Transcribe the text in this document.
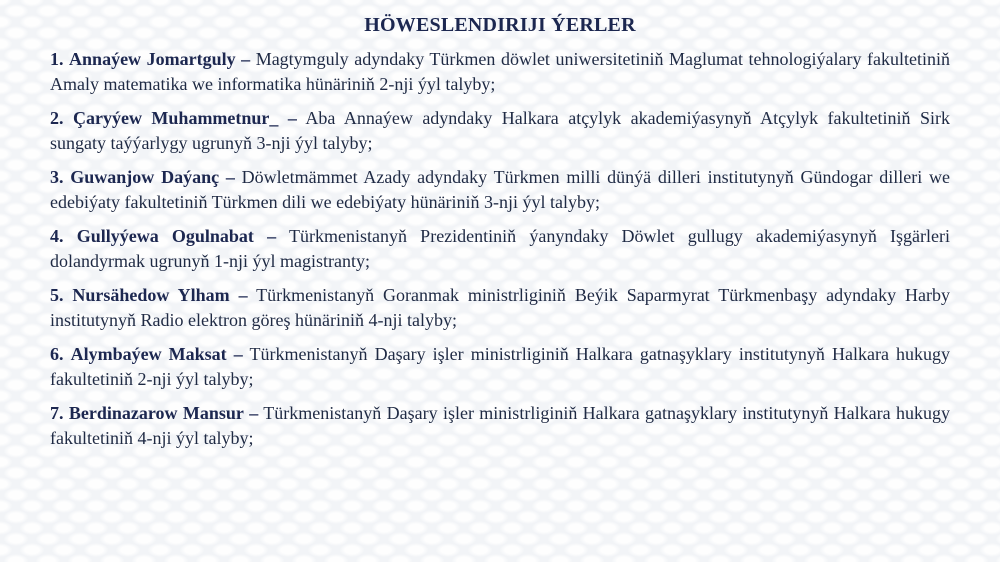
HÖWESLENDIRIJI ÝERLER
1. Annaýew Jomartguly – Magtymguly adyndaky Türkmen döwlet uniwersitetiniň Maglumat tehnologiýalary fakultetiniň Amaly matematika we informatika hünäriniň 2-nji ýyl talyby;
2. Çaryýew Muhammetnur_ – Aba Annaýew adyndaky Halkara atçylyk akademiýasynyň Atçylyk fakultetiniň Sirk sungaty taýýarlygy ugrunyň 3-nji ýyl talyby;
3. Guwanjow Daýanç – Döwletmämmet Azady adyndaky Türkmen milli dünýä dilleri institutynyň Gündogar dilleri we edebiýaty fakultetiniň Türkmen dili we edebiýaty hünäriniň 3-nji ýyl talyby;
4. Gullyýewa Ogulnabat – Türkmenistanyň Prezidentiniň ýanyndaky Döwlet gullugy akademiýasynyň Işgärleri dolandyrmak ugrunyň 1-nji ýyl magistranty;
5. Nursähedow Ylham – Türkmenistanyň Goranmak ministrliginiň Beýik Saparmyrat Türkmenbaşy adyndaky Harby institutynyň Radio elektron göreş hünäriniň 4-nji talyby;
6. Alymbaýew Maksat – Türkmenistanyň Daşary işler ministrliginiň Halkara gatnaşyklary institutynyň Halkara hukugy fakultetiniň 2-nji ýyl talyby;
7. Berdinazarow Mansur – Türkmenistanyň Daşary işler ministrliginiň Halkara gatnaşyklary institutynyň Halkara hukugy fakultetiniň 4-nji ýyl talyby;
